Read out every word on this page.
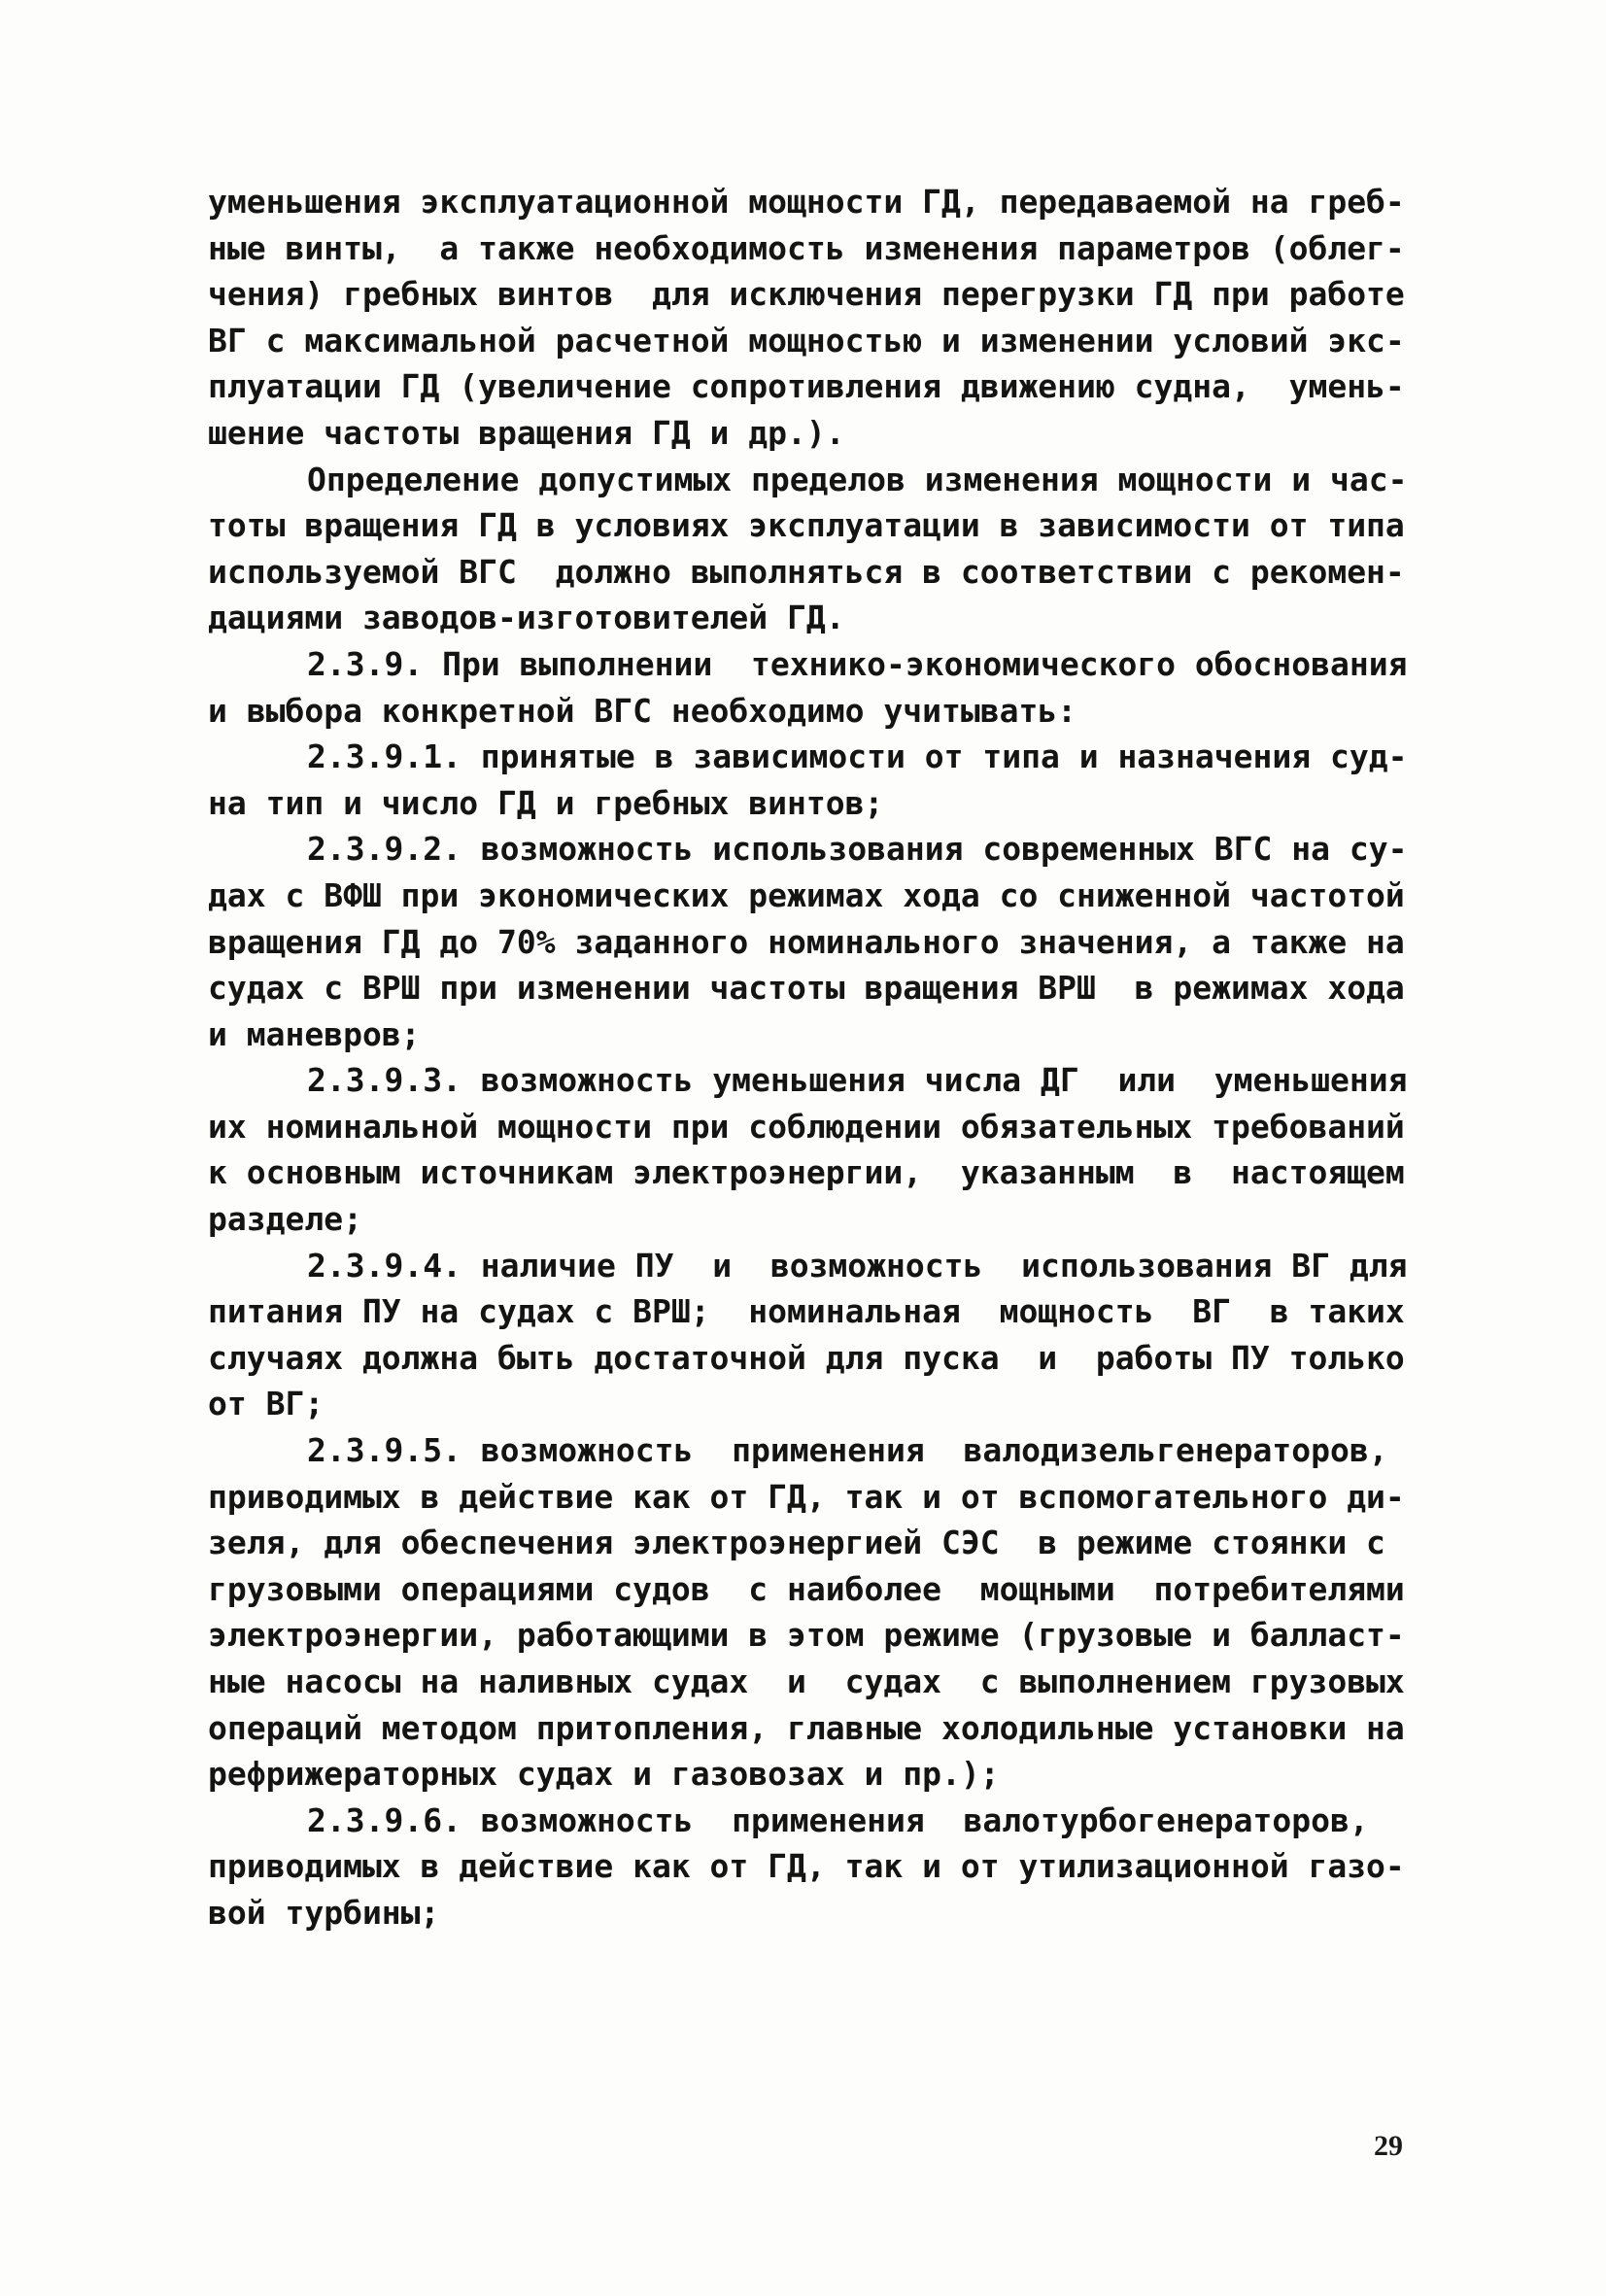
уменьшения эксплуатационной мощности ГД, передаваемой на греб-
ные винты,  а также необходимость изменения параметров (облег-
чения) гребных винтов  для исключения перегрузки ГД при работе
ВГ с максимальной расчетной мощностью и изменении условий экс-
плуатации ГД (увеличение сопротивления движению судна,  умень-
шение частоты вращения ГД и др.).
Определение допустимых пределов изменения мощности и час-
тоты вращения ГД в условиях эксплуатации в зависимости от типа
используемой ВГС  должно выполняться в соответствии с рекомен-
дациями заводов-изготовителей ГД.
2.3.9. При выполнении  технико-экономического обоснования
и выбора конкретной ВГС необходимо учитывать:
2.3.9.1. принятые в зависимости от типа и назначения суд-
на тип и число ГД и гребных винтов;
2.3.9.2. возможность использования современных ВГС на су-
дах с ВФШ при экономических режимах хода со сниженной частотой
вращения ГД до 70% заданного номинального значения, а также на
судах с ВРШ при изменении частоты вращения ВРШ  в режимах хода
и маневров;
2.3.9.3. возможность уменьшения числа ДГ  или  уменьшения
их номинальной мощности при соблюдении обязательных требований
к основным источникам электроэнергии,  указанным  в  настоящем
разделе;
2.3.9.4. наличие ПУ  и  возможность  использования ВГ для
питания ПУ на судах с ВРШ;  номинальная  мощность  ВГ  в таких
случаях должна быть достаточной для пуска  и  работы ПУ только
от ВГ;
2.3.9.5. возможность  применения  валодизельгенераторов,
приводимых в действие как от ГД, так и от вспомогательного ди-
зеля, для обеспечения электроэнергией СЭС  в режиме стоянки с
грузовыми операциями судов  с наиболее  мощными  потребителями
электроэнергии, работающими в этом режиме (грузовые и балласт-
ные насосы на наливных судах  и  судах  с выполнением грузовых
операций методом притопления, главные холодильные установки на
рефрижераторных судах и газовозах и пр.);
2.3.9.6. возможность  применения  валотурбогенераторов,
приводимых в действие как от ГД, так и от утилизационной газо-
вой турбины;
29
